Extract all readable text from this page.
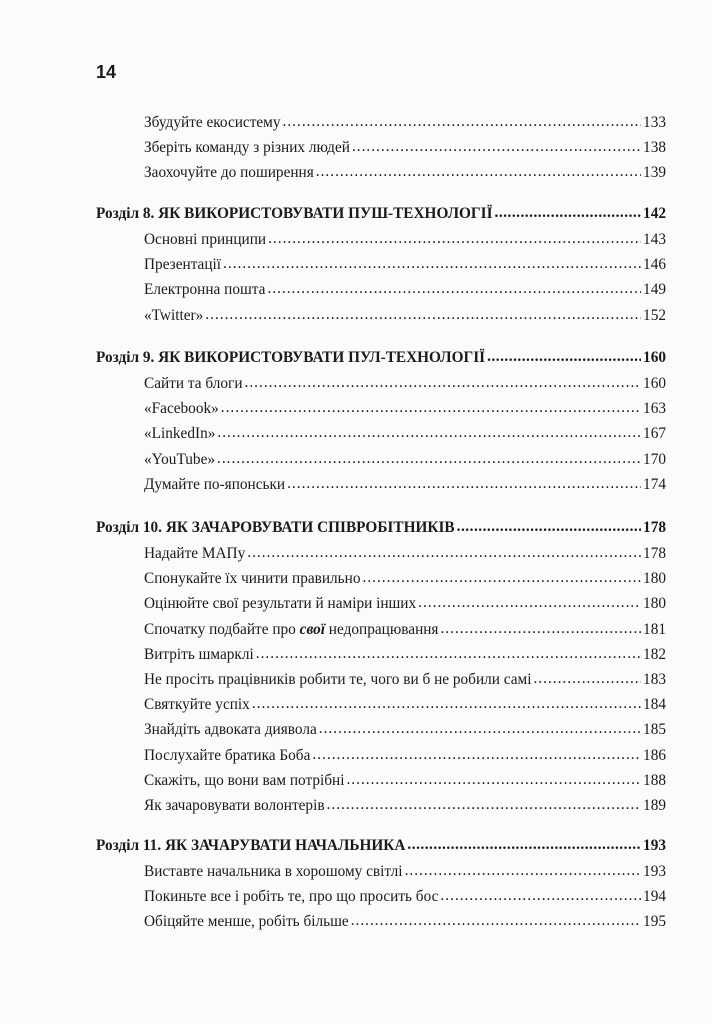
14
Збудуйте екосистему .....	133
Зберіть команду з різних людей .....	138
Заохочуйте до поширення .....	139
Розділ 8. ЯК ВИКОРИСТОВУВАТИ ПУШ-ТЕХНОЛОГІЇ .....	142
Основні принципи .....	143
Презентації .....	146
Електронна пошта .....	149
«Twitter» .....	152
Розділ 9. ЯК ВИКОРИСТОВУВАТИ ПУЛ-ТЕХНОЛОГІЇ .....	160
Сайти та блоги .....	160
«Facebook» .....	163
«LinkedIn» .....	167
«YouTube» .....	170
Думайте по-японськи .....	174
Розділ 10. ЯК ЗАЧАРОВУВАТИ СПІВРОБІТНИКІВ .....	178
Надайте МАПу .....	178
Спонукайте їх чинити правильно .....	180
Оцінюйте свої результати й наміри інших .....	180
Спочатку подбайте про свої недопрацювання .....	181
Витріть шмарклі .....	182
Не просіть працівників робити те, чого ви б не робили самі .....	183
Святкуйте успіх .....	184
Знайдіть адвоката диявола .....	185
Послухайте братика Боба .....	186
Скажіть, що вони вам потрібні .....	188
Як зачаровувати волонтерів .....	189
Розділ 11. ЯК ЗАЧАРУВАТИ НАЧАЛЬНИКА .....	193
Виставте начальника в хорошому світлі .....	193
Покиньте все і робіть те, про що просить бос .....	194
Обіцяйте менше, робіть більше .....	195
